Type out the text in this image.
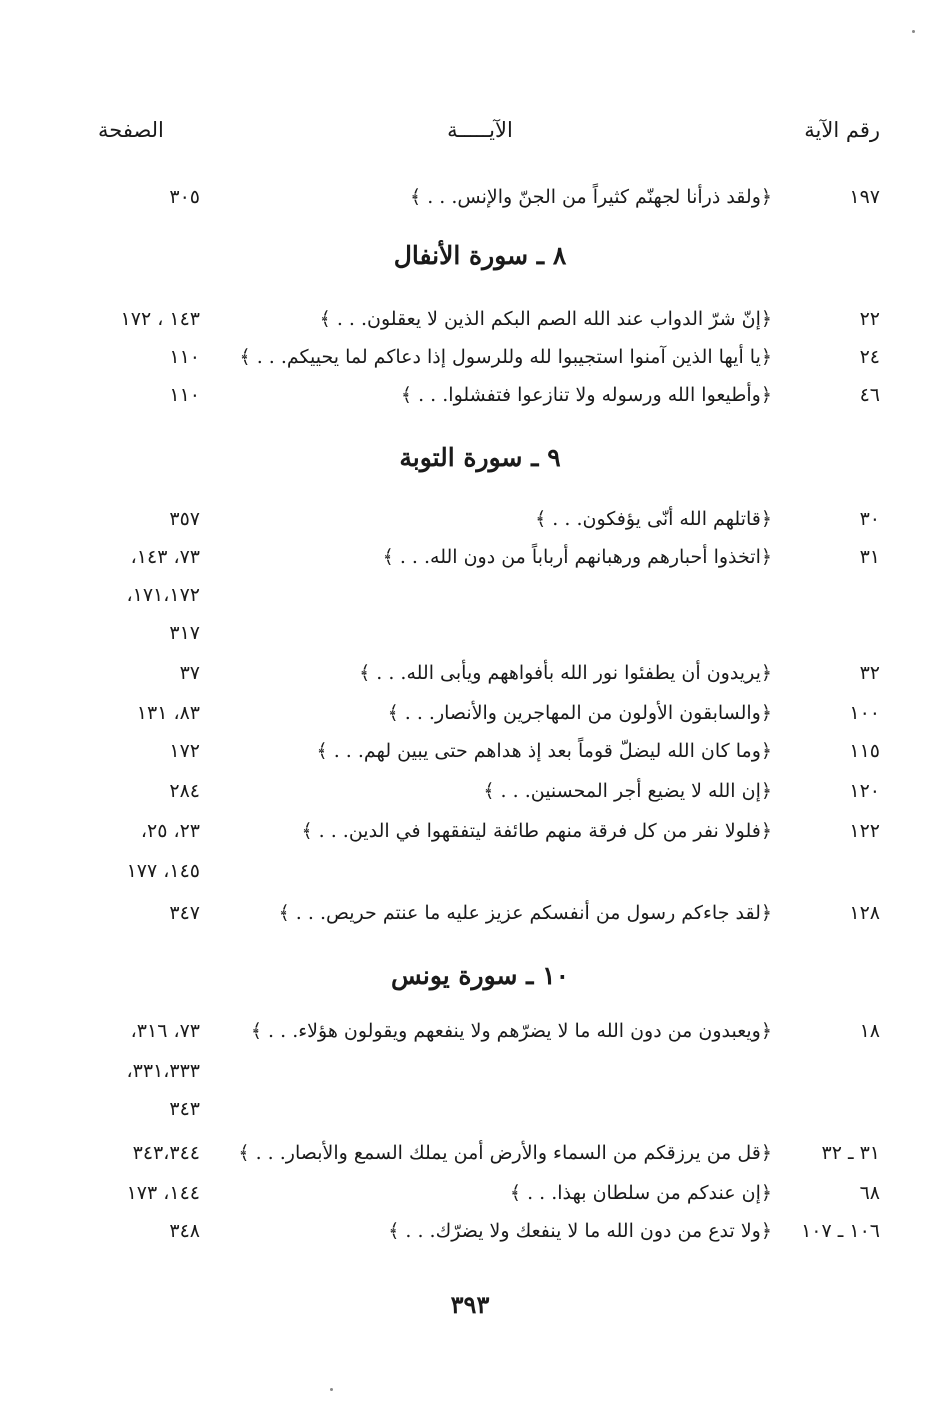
رقم الآية
الآيـــــة
الصفحة
١٩٧
﴿ولقد ذرأنا لجهنّم كثيراً من الجنّ والإنس. . . ﴾
٣٠٥
٨ ـ سورة الأنفال
٢٢
﴿إنّ شرّ الدواب عند الله الصم البكم الذين لا يعقلون. . . ﴾
١٤٣ ، ١٧٢
٢٤
﴿يا أيها الذين آمنوا استجيبوا لله وللرسول إذا دعاكم لما يحييكم. . . ﴾
١١٠
٤٦
﴿وأطيعوا الله ورسوله ولا تنازعوا فتفشلوا. . . ﴾
١١٠
٩ ـ سورة التوبة
٣٠
﴿قاتلهم الله أنّى يؤفكون. . . ﴾
٣٥٧
٣١
﴿اتخذوا أحبارهم ورهبانهم أرباباً من دون الله. . . ﴾
٧٣، ١٤٣،
١٧١،١٧٢،
٣١٧
٣٢
﴿يريدون أن يطفئوا نور الله بأفواههم ويأبى الله. . . ﴾
٣٧
١٠٠
﴿والسابقون الأولون من المهاجرين والأنصار. . . ﴾
٨٣، ١٣١
١١٥
﴿وما كان الله ليضلّ قوماً بعد إذ هداهم حتى يبين لهم. . . ﴾
١٧٢
١٢٠
﴿إن الله لا يضيع أجر المحسنين. . . ﴾
٢٨٤
١٢٢
﴿فلولا نفر من كل فرقة منهم طائفة ليتفقهوا في الدين. . . ﴾
٢٣، ٢٥،
١٤٥، ١٧٧
١٢٨
﴿لقد جاءكم رسول من أنفسكم عزيز عليه ما عنتم حريص. . . ﴾
٣٤٧
١٠ ـ سورة يونس
١٨
﴿ويعبدون من دون الله ما لا يضرّهم ولا ينفعهم ويقولون هؤلاء. . . ﴾
٧٣، ٣١٦،
٣٣١،٣٣٣،
٣٤٣
٣١ ـ ٣٢
﴿قل من يرزقكم من السماء والأرض أمن يملك السمع والأبصار. . . ﴾
٣٤٣،٣٤٤
٦٨
﴿إن عندكم من سلطان بهذا. . . ﴾
١٤٤، ١٧٣
١٠٦ ـ ١٠٧
﴿ولا تدع من دون الله ما لا ينفعك ولا يضرّك. . . ﴾
٣٤٨
٣٩٣
